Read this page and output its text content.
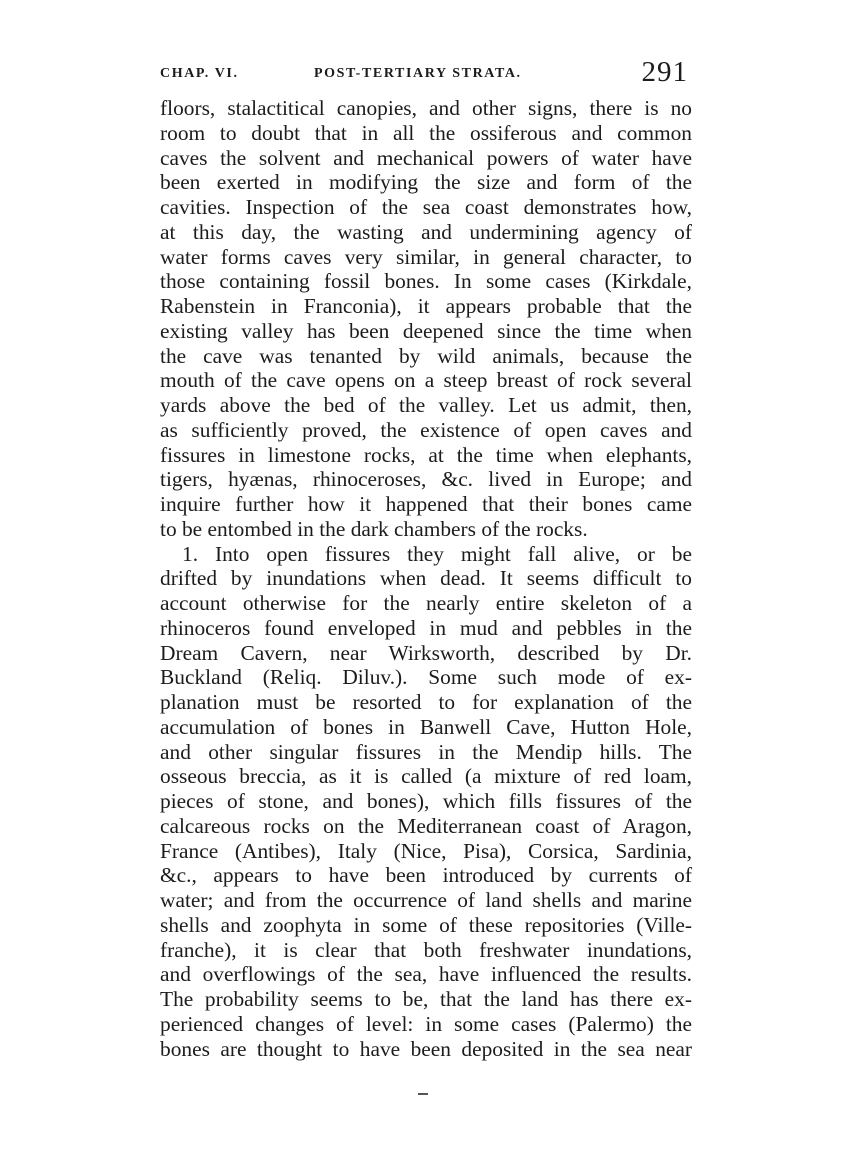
CHAP. VI.	POST-TERTIARY STRATA.	291
floors, stalactitical canopies, and other signs, there is no
room to doubt that in all the ossiferous and common
caves the solvent and mechanical powers of water have
been exerted in modifying the size and form of the
cavities. Inspection of the sea coast demonstrates how,
at this day, the wasting and undermining agency of
water forms caves very similar, in general character, to
those containing fossil bones. In some cases (Kirkdale,
Rabenstein in Franconia), it appears probable that the
existing valley has been deepened since the time when
the cave was tenanted by wild animals, because the
mouth of the cave opens on a steep breast of rock several
yards above the bed of the valley. Let us admit, then,
as sufficiently proved, the existence of open caves and
fissures in limestone rocks, at the time when elephants,
tigers, hyænas, rhinoceroses, &c. lived in Europe; and
inquire further how it happened that their bones came
to be entombed in the dark chambers of the rocks.
1. Into open fissures they might fall alive, or be
drifted by inundations when dead. It seems difficult to
account otherwise for the nearly entire skeleton of a
rhinoceros found enveloped in mud and pebbles in the
Dream Cavern, near Wirksworth, described by Dr.
Buckland (Reliq. Diluv.). Some such mode of ex-
planation must be resorted to for explanation of the
accumulation of bones in Banwell Cave, Hutton Hole,
and other singular fissures in the Mendip hills. The
osseous breccia, as it is called (a mixture of red loam,
pieces of stone, and bones), which fills fissures of the
calcareous rocks on the Mediterranean coast of Aragon,
France (Antibes), Italy (Nice, Pisa), Corsica, Sardinia,
&c., appears to have been introduced by currents of
water; and from the occurrence of land shells and marine
shells and zoophyta in some of these repositories (Ville-
franche), it is clear that both freshwater inundations,
and overflowings of the sea, have influenced the results.
The probability seems to be, that the land has there ex-
perienced changes of level: in some cases (Palermo) the
bones are thought to have been deposited in the sea near
